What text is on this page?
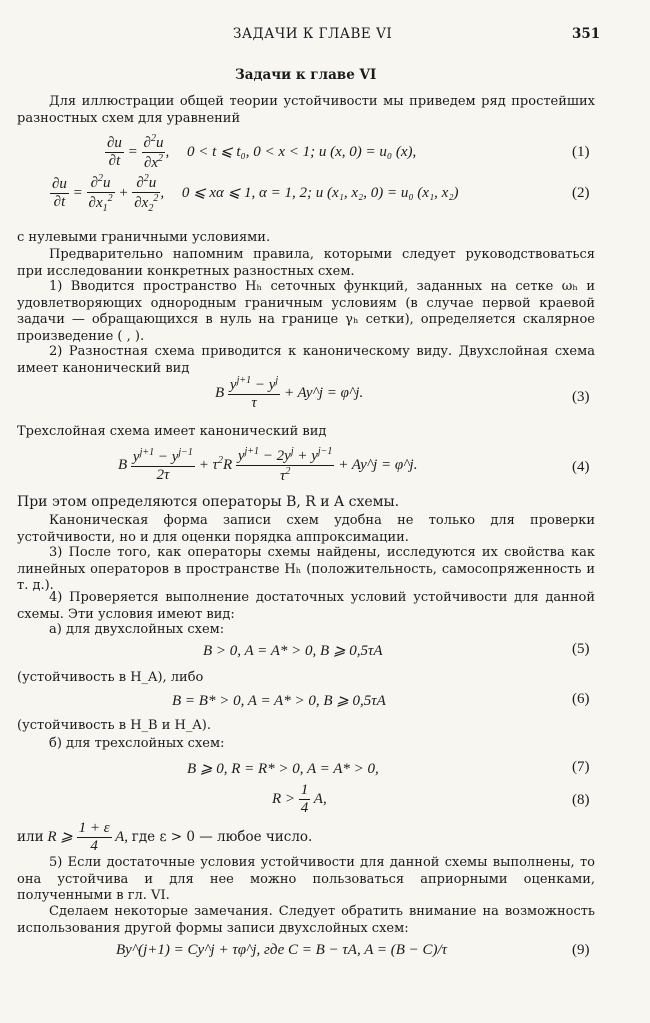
ЗАДАЧИ К ГЛАВЕ VI	351
Задачи к главе VI
Для иллюстрации общей теории устойчивости мы приведем ряд простейших разностных схем для уравнений
$\frac{\partial u}{\partial t} = \frac{\partial^2u}{\partial x^2}$ , 0 < t ⩽ t₀, 0 < x < 1; u (x, 0) = u₀ (x),	(1)
$\frac{\partial u}{\partial t} = \frac{\partial^2u}{\partial x_1^2} + \frac{\partial^2u}{\partial x_2^2}$ , 0 ⩽ xα ⩽ 1, α = 1, 2; u (x₁, x₂, 0) = u₀ (x₁, x₂)	(2)
с нулевыми граничными условиями.
Предварительно напомним правила, которыми следует руководствоваться при исследовании конкретных разностных схем.
1) Вводится пространство Hₕ сеточных функций, заданных на сетке ωₕ и удовлетворяющих однородным граничным условиям (в случае первой краевой задачи — обращающихся в нуль на границе γₕ сетки), определяется скалярное произведение ( , ).
2) Разностная схема приводится к каноническому виду. Двухслойная схема имеет канонический вид
B $\frac{y^{j+1} - y^j}{\tau}$ + Ay^j = φ^j.	(3)
Трехслойная схема имеет канонический вид
B $\frac{y^{j+1} - y^{j-1}}{2\tau} + \tau^2R \frac{y^{j+1} - 2y^j + y^{j-1}}{\tau^2}$ + Ay^j = φ^j.	(4)
При этом определяются операторы B, R и A схемы.
Каноническая форма записи схем удобна не только для проверки устойчивости, но и для оценки порядка аппроксимации.
3) После того, как операторы схемы найдены, исследуются их свойства как линейных операторов в пространстве Hₕ (положительность, самосопряженность и т. д.).
4) Проверяется выполнение достаточных условий устойчивости для данной схемы. Эти условия имеют вид:
а) для двухслойных схем:
B > 0, A = A* > 0, B ⩾ 0,5τA	(5)
(устойчивость в H_A), либо
B = B* > 0, A = A* > 0, B ⩾ 0,5τA	(6)
(устойчивость в H_B и H_A).
б) для трехслойных схем:
B ⩾ 0, R = R* > 0, A = A* > 0,	(7)
$R > \frac{1}{4} A$,	(8)
или R ⩾ $\frac{1 + \varepsilon}{4} A$, где ε > 0 — любое число.
5) Если достаточные условия устойчивости для данной схемы выполнены, то она устойчива и для нее можно пользоваться априорными оценками, полученными в гл. VI.
Сделаем некоторые замечания. Следует обратить внимание на возможность использования другой формы записи двухслойных схем:
By^(j+1) = Cy^j + τφ^j, где C = B − τA, A = (B − C)/τ	(9)
